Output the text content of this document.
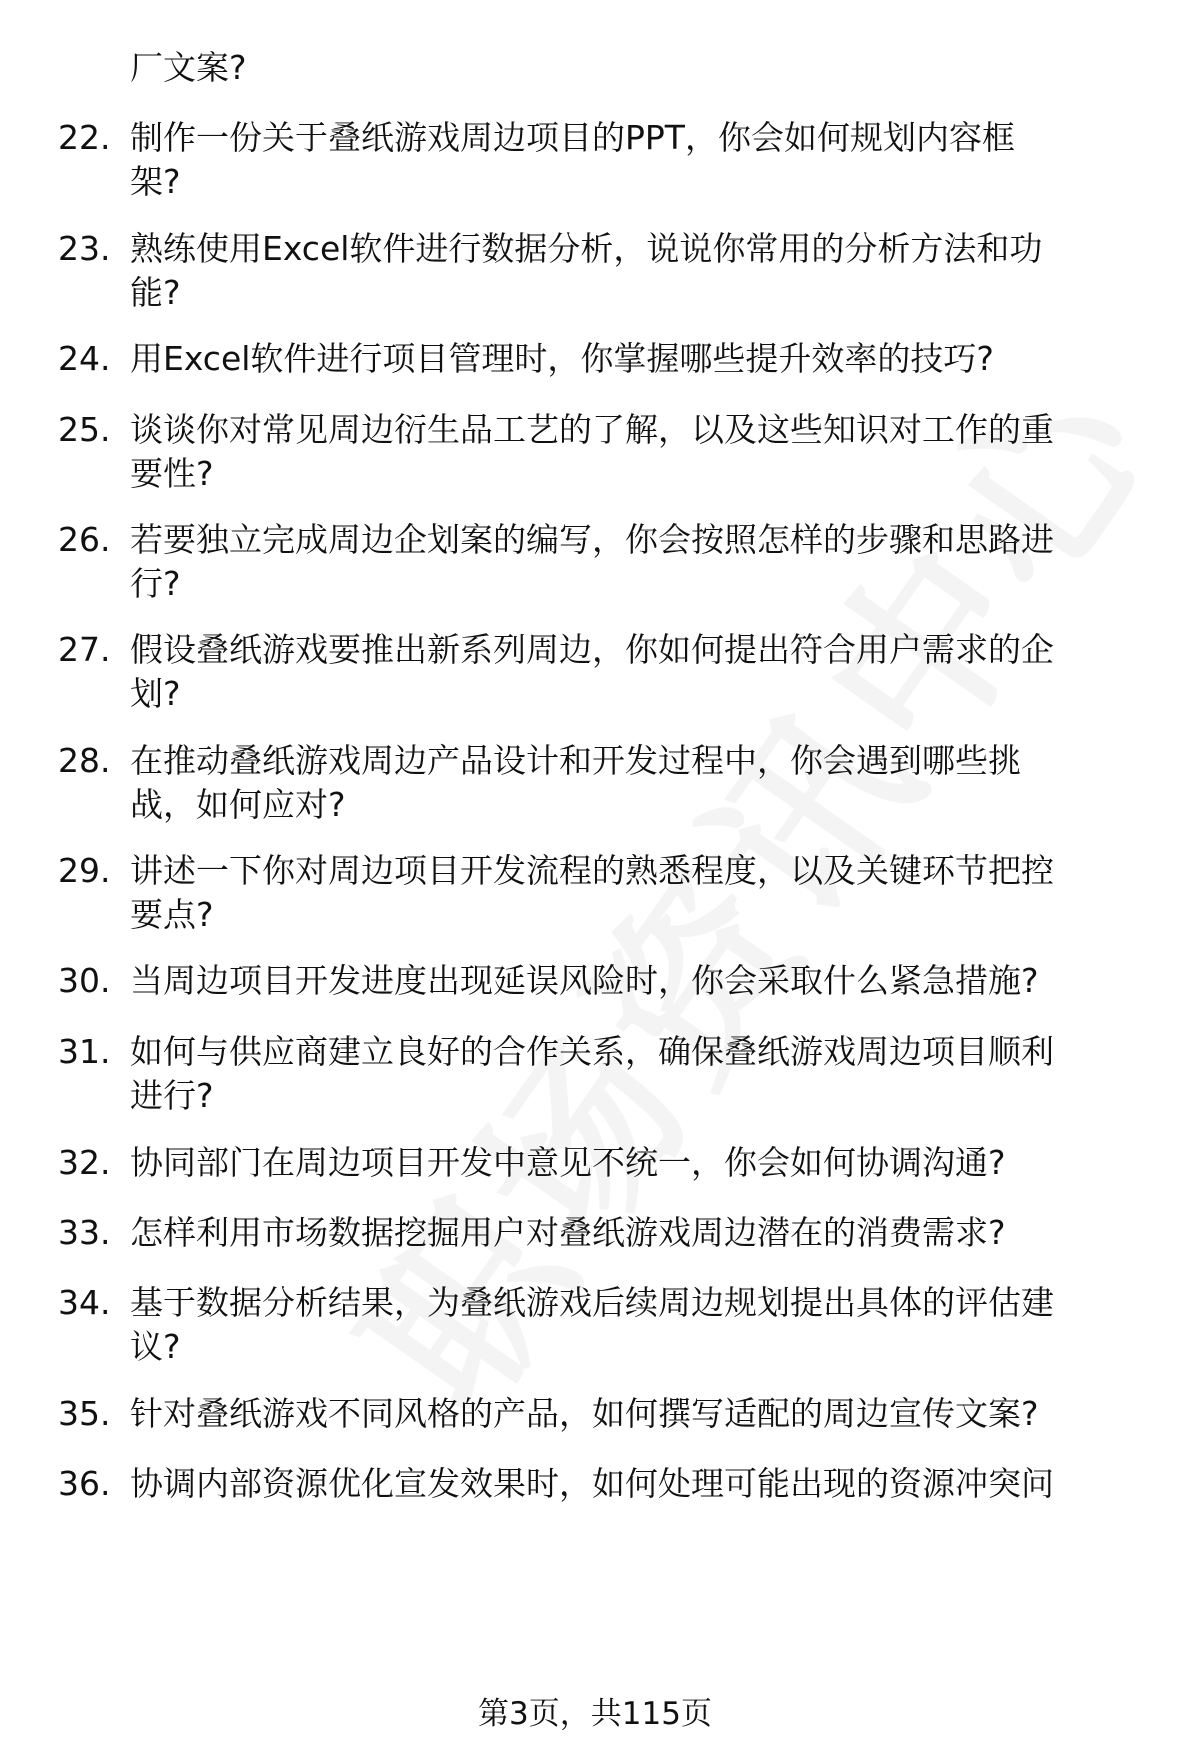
厂文案?
22. 制作一份关于叠纸游戏周边项目的PPT，你会如何规划内容框
架?
23. 熟练使用Excel软件进行数据分析，说说你常用的分析方法和功
能?
24. 用Excel软件进行项目管理时，你掌握哪些提升效率的技巧?
25. 谈谈你对常见周边衍生品工艺的了解，以及这些知识对工作的重
要性?
26. 若要独立完成周边企划案的编写，你会按照怎样的步骤和思路进
行?
27. 假设叠纸游戏要推出新系列周边，你如何提出符合用户需求的企
划?
28. 在推动叠纸游戏周边产品设计和开发过程中，你会遇到哪些挑
战，如何应对?
29. 讲述一下你对周边项目开发流程的熟悉程度，以及关键环节把控
要点?
30. 当周边项目开发进度出现延误风险时，你会采取什么紧急措施?
31. 如何与供应商建立良好的合作关系，确保叠纸游戏周边项目顺利
进行?
32. 协同部门在周边项目开发中意见不统一，你会如何协调沟通?
33. 怎样利用市场数据挖掘用户对叠纸游戏周边潜在的消费需求?
34. 基于数据分析结果，为叠纸游戏后续周边规划提出具体的评估建
议?
35. 针对叠纸游戏不同风格的产品，如何撰写适配的周边宣传文案?
36. 协调内部资源优化宣发效果时，如何处理可能出现的资源冲突问
第3页，共115页
